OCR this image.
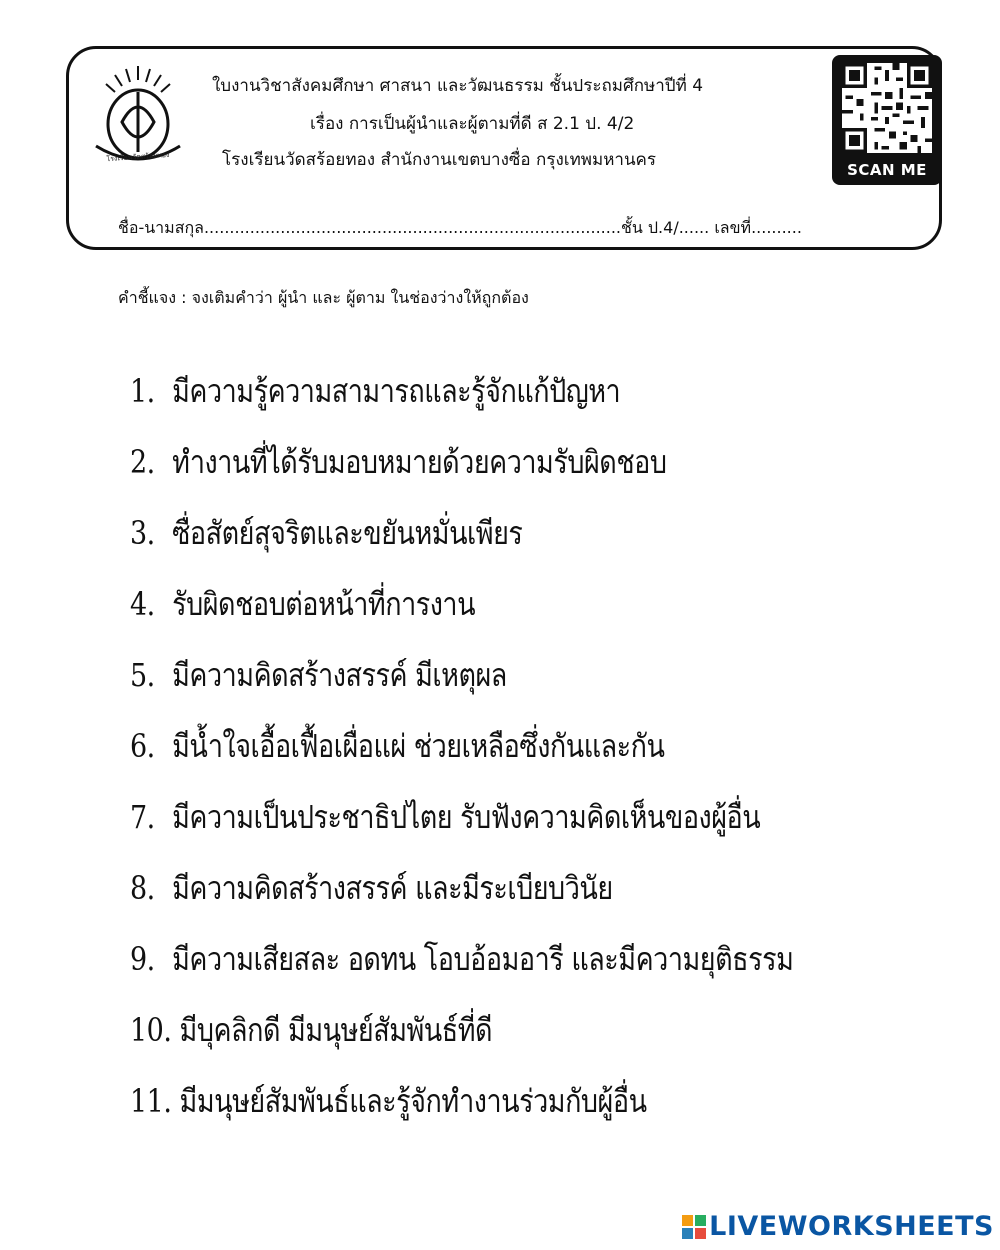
โรงเรียนวัดสร้อยทอง
ใบงานวิชาสังคมศึกษา ศาสนา และวัฒนธรรม ชั้นประถมศึกษาปีที่ 4
เรื่อง การเป็นผู้นำและผู้ตามที่ดี ส 2.1 ป. 4/2
โรงเรียนวัดสร้อยทอง สำนักงานเขตบางซื่อ กรุงเทพมหานคร
ชื่อ-นามสกุล..................................................................................ชั้น ป.4/...... เลขที่..........
SCAN ME
คำชี้แจง : จงเติมคำว่า ผู้นำ และ ผู้ตาม ในช่องว่างให้ถูกต้อง
1. มีความรู้ความสามารถและรู้จักแก้ปัญหา
2. ทำงานที่ได้รับมอบหมายด้วยความรับผิดชอบ
3. ซื่อสัตย์สุจริตและขยันหมั่นเพียร
4. รับผิดชอบต่อหน้าที่การงาน
5. มีความคิดสร้างสรรค์ มีเหตุผล
6. มีน้ำใจเอื้อเฟื้อเผื่อแผ่ ช่วยเหลือซึ่งกันและกัน
7. มีความเป็นประชาธิปไตย รับฟังความคิดเห็นของผู้อื่น
8. มีความคิดสร้างสรรค์ และมีระเบียบวินัย
9. มีความเสียสละ อดทน โอบอ้อมอารี และมีความยุติธรรม
10. มีบุคลิกดี มีมนุษย์สัมพันธ์ที่ดี
11. มีมนุษย์สัมพันธ์และรู้จักทำงานร่วมกับผู้อื่น
LIVEWORKSHEETS
